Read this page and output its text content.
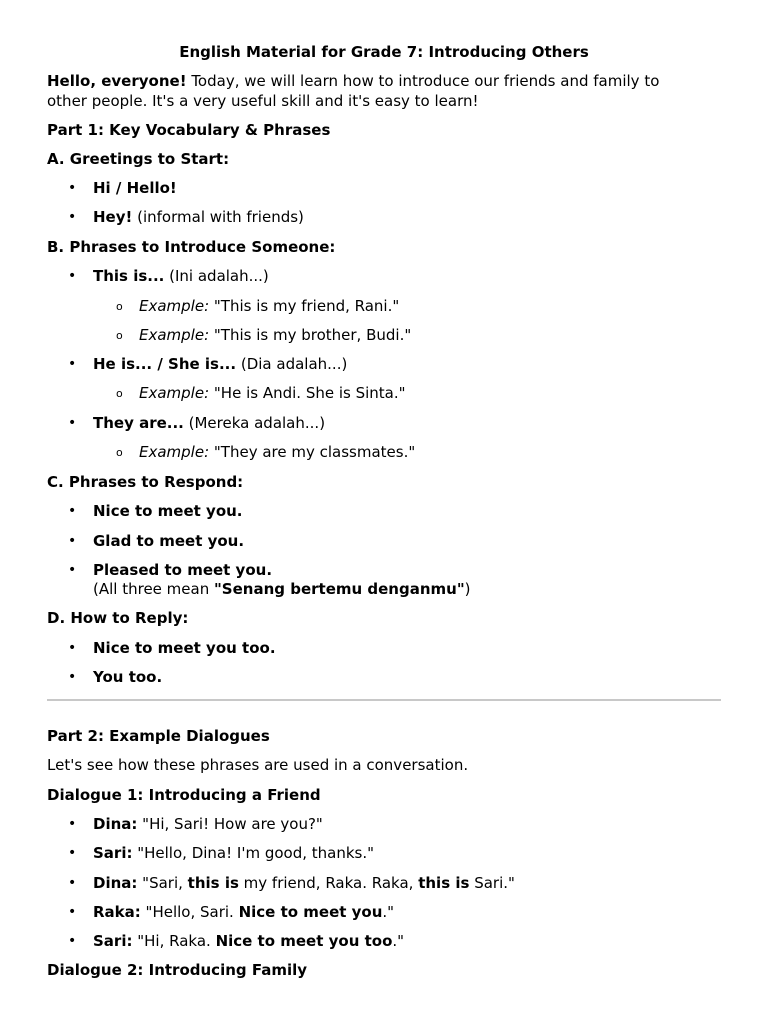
English Material for Grade 7: Introducing Others
Hello, everyone! Today, we will learn how to introduce our friends and family to
other people. It's a very useful skill and it's easy to learn!
Part 1: Key Vocabulary & Phrases
A. Greetings to Start:
• Hi / Hello!
• Hey! (informal with friends)
B. Phrases to Introduce Someone:
• This is... (Ini adalah...)
o Example: "This is my friend, Rani."
o Example: "This is my brother, Budi."
• He is... / She is... (Dia adalah...)
o Example: "He is Andi. She is Sinta."
• They are... (Mereka adalah...)
o Example: "They are my classmates."
C. Phrases to Respond:
• Nice to meet you.
• Glad to meet you.
• Pleased to meet you.
(All three mean "Senang bertemu denganmu")
D. How to Reply:
• Nice to meet you too.
• You too.
Part 2: Example Dialogues
Let's see how these phrases are used in a conversation.
Dialogue 1: Introducing a Friend
• Dina: "Hi, Sari! How are you?"
• Sari: "Hello, Dina! I'm good, thanks."
• Dina: "Sari, this is my friend, Raka. Raka, this is Sari."
• Raka: "Hello, Sari. Nice to meet you."
• Sari: "Hi, Raka. Nice to meet you too."
Dialogue 2: Introducing Family
